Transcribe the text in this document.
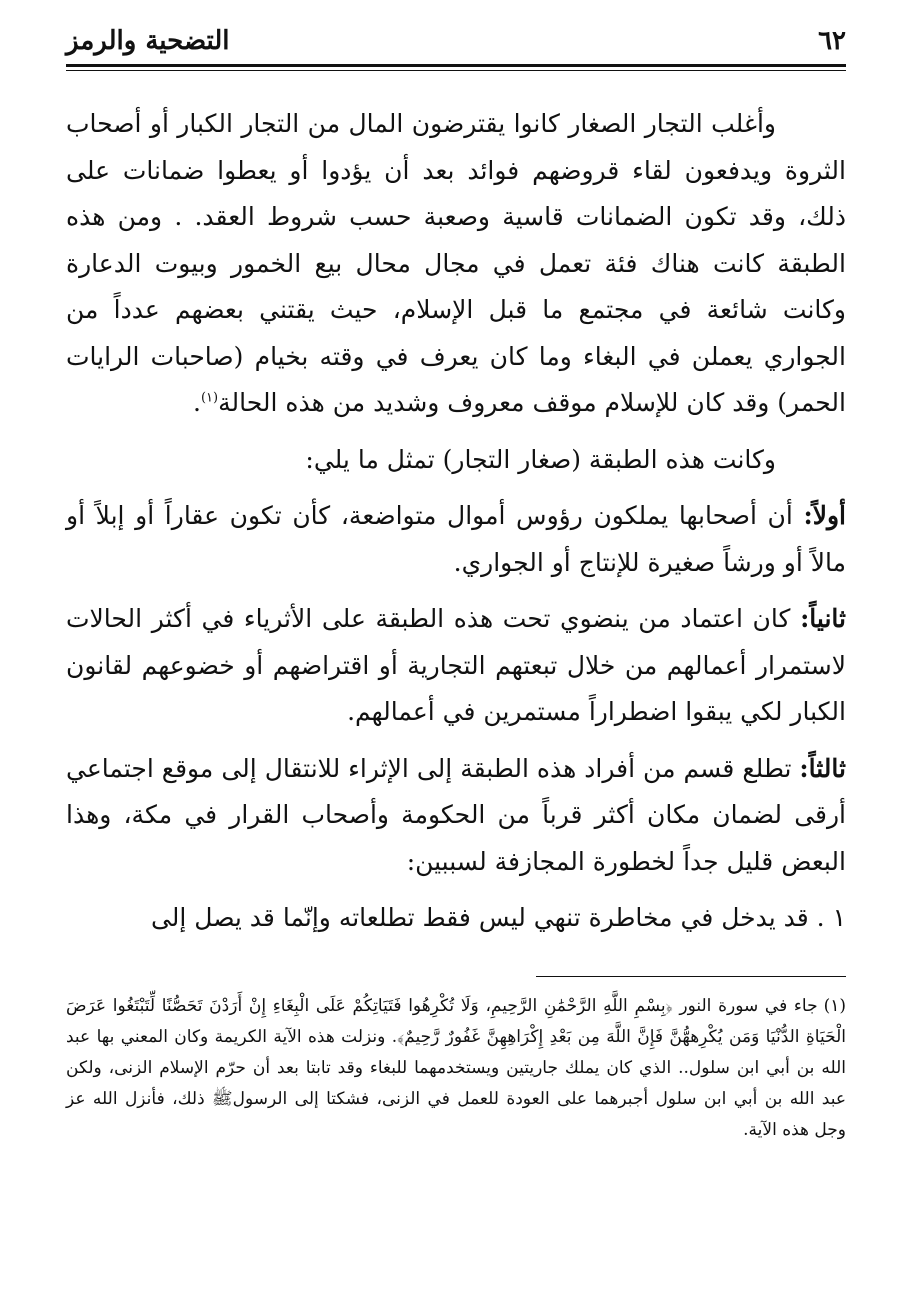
٦٢
التضحية والرمز

وأغلب التجار الصغار كانوا يقترضون المال من التجار الكبار أو أصحاب الثروة ويدفعون لقاء قروضهم فوائد بعد أن يؤدوا أو يعطوا ضمانات على ذلك، وقد تكون الضمانات قاسية وصعبة حسب شروط العقد. . ومن هذه الطبقة كانت هناك فئة تعمل في مجال محال بيع الخمور وبيوت الدعارة وكانت شائعة في مجتمع ما قبل الإسلام، حيث يقتني بعضهم عدداً من الجواري يعملن في البغاء وما كان يعرف في وقته بخيام (صاحبات الرايات الحمر) وقد كان للإسلام موقف معروف وشديد من هذه الحالة$^{(١)}$.

وكانت هذه الطبقة (صغار التجار) تمثل ما يلي:

أولاً: أن أصحابها يملكون رؤوس أموال متواضعة، كأن تكون عقاراً أو إبلاً أو مالاً أو ورشاً صغيرة للإنتاج أو الجواري.

ثانياً: كان اعتماد من ينضوي تحت هذه الطبقة على الأثرياء في أكثر الحالات لاستمرار أعمالهم من خلال تبعتهم التجارية أو اقتراضهم أو خضوعهم لقانون الكبار لكي يبقوا اضطراراً مستمرين في أعمالهم.

ثالثاً: تطلع قسم من أفراد هذه الطبقة إلى الإثراء للانتقال إلى موقع اجتماعي أرقى لضمان مكان أكثر قرباً من الحكومة وأصحاب القرار في مكة، وهذا البعض قليل جداً لخطورة المجازفة لسببين:

١ . قد يدخل في مخاطرة تنهي ليس فقط تطلعاته وإنّما قد يصل إلى

(١)جاء في سورة النور ﴿بِسْمِ اللَّهِ الرَّحْمَٰنِ الرَّحِيمِ، وَلَا تُكْرِهُوا فَتَيَاتِكُمْ عَلَى الْبِغَاءِ إِنْ أَرَدْنَ تَحَصُّنًا لِّتَبْتَغُوا عَرَضَ الْحَيَاةِ الدُّنْيَا وَمَن يُكْرِههُّنَّ فَإِنَّ اللَّهَ مِن بَعْدِ إِكْرَاهِهِنَّ غَفُورٌ رَّحِيمٌ﴾. ونزلت هذه الآية الكريمة وكان المعني بها عبد الله بن أبي ابن سلول.. الذي كان يملك جاريتين ويستخدمهما للبغاء وقد تابتا بعد أن حرّم الإسلام الزنى، ولكن عبد الله بن أبي ابن سلول أجبرهما على العودة للعمل في الزنى، فشكتا إلى الرسولﷺ ذلك، فأنزل الله عز وجل هذه الآية.
